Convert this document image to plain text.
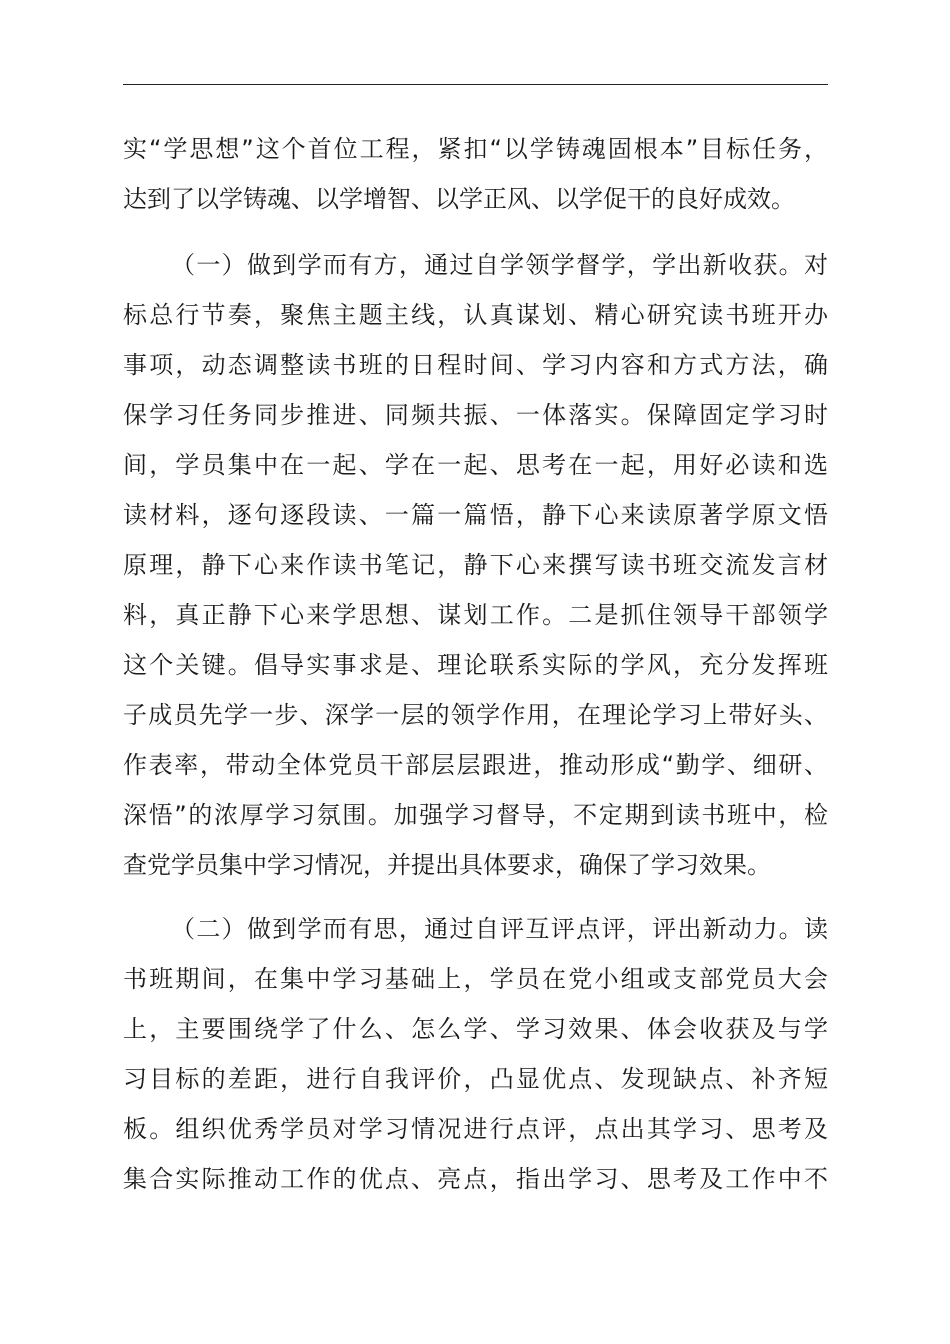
实“学思想”这个首位工程，紧扣“以学铸魂固根本”目标任务，
达到了以学铸魂、以学增智、以学正风、以学促干的良好成效。
（一）做到学而有方，通过自学领学督学，学出新收获。对
标总行节奏，聚焦主题主线，认真谋划、精心研究读书班开办
事项，动态调整读书班的日程时间、学习内容和方式方法，确
保学习任务同步推进、同频共振、一体落实。保障固定学习时
间，学员集中在一起、学在一起、思考在一起，用好必读和选
读材料，逐句逐段读、一篇一篇悟，静下心来读原著学原文悟
原理，静下心来作读书笔记，静下心来撰写读书班交流发言材
料，真正静下心来学思想、谋划工作。二是抓住领导干部领学
这个关键。倡导实事求是、理论联系实际的学风，充分发挥班
子成员先学一步、深学一层的领学作用，在理论学习上带好头、
作表率，带动全体党员干部层层跟进，推动形成“勤学、细研、
深悟”的浓厚学习氛围。加强学习督导，不定期到读书班中，检
查党学员集中学习情况，并提出具体要求，确保了学习效果。
（二）做到学而有思，通过自评互评点评，评出新动力。读
书班期间，在集中学习基础上，学员在党小组或支部党员大会
上，主要围绕学了什么、怎么学、学习效果、体会收获及与学
习目标的差距，进行自我评价，凸显优点、发现缺点、补齐短
板。组织优秀学员对学习情况进行点评，点出其学习、思考及
集合实际推动工作的优点、亮点，指出学习、思考及工作中不
